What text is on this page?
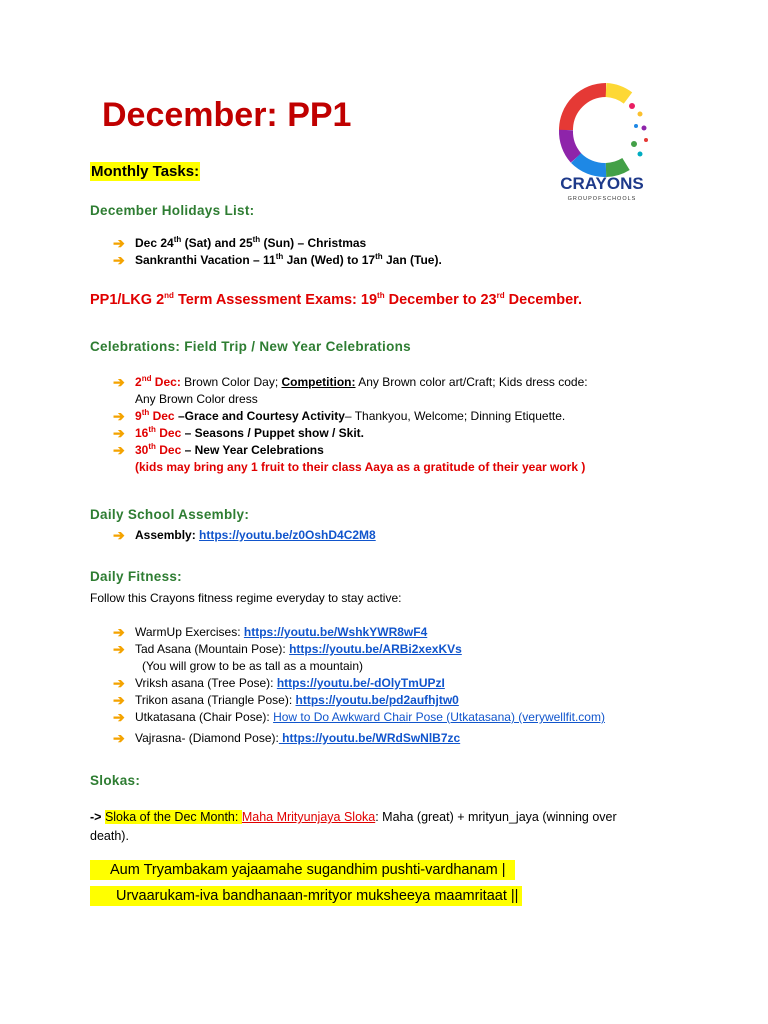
December: PP1
CRAYONS
GROUPOFSCHOOLS
Monthly Tasks:
December Holidays List:
➔ Dec 24th (Sat) and 25th (Sun) – Christmas
➔ Sankranthi Vacation – 11th Jan (Wed) to 17th Jan (Tue).
PP1/LKG 2nd Term Assessment Exams: 19th December to 23rd December.
Celebrations: Field Trip / New Year Celebrations
➔ 2nd Dec: Brown Color Day; Competition: Any Brown color art/Craft; Kids dress code:
Any Brown Color dress
➔ 9th Dec –Grace and Courtesy Activity– Thankyou, Welcome; Dinning Etiquette.
➔ 16th Dec – Seasons / Puppet show / Skit.
➔ 30th Dec – New Year Celebrations
(kids may bring any 1 fruit to their class Aaya as a gratitude of their year work )
Daily School Assembly:
➔ Assembly: https://youtu.be/z0OshD4C2M8
Daily Fitness:
Follow this Crayons fitness regime everyday to stay active:
➔ WarmUp Exercises: https://youtu.be/WshkYWR8wF4
➔ Tad Asana (Mountain Pose): https://youtu.be/ARBi2xexKVs
(You will grow to be as tall as a mountain)
➔ Vriksh asana (Tree Pose): https://youtu.be/-dOlyTmUPzI
➔ Trikon asana (Triangle Pose): https://youtu.be/pd2aufhjtw0
➔ Utkatasana (Chair Pose): How to Do Awkward Chair Pose (Utkatasana) (verywellfit.com)
➔ Vajrasna- (Diamond Pose): https://youtu.be/WRdSwNlB7zc
Slokas:
-> Sloka of the Dec Month: Maha Mrityunjaya Sloka: Maha (great) + mrityun_jaya (winning over
death).
Aum Tryambakam yajaamahe sugandhim pushti-vardhanam |
Urvaarukam-iva bandhanaan-mrityor muksheeya maamritaat ||
